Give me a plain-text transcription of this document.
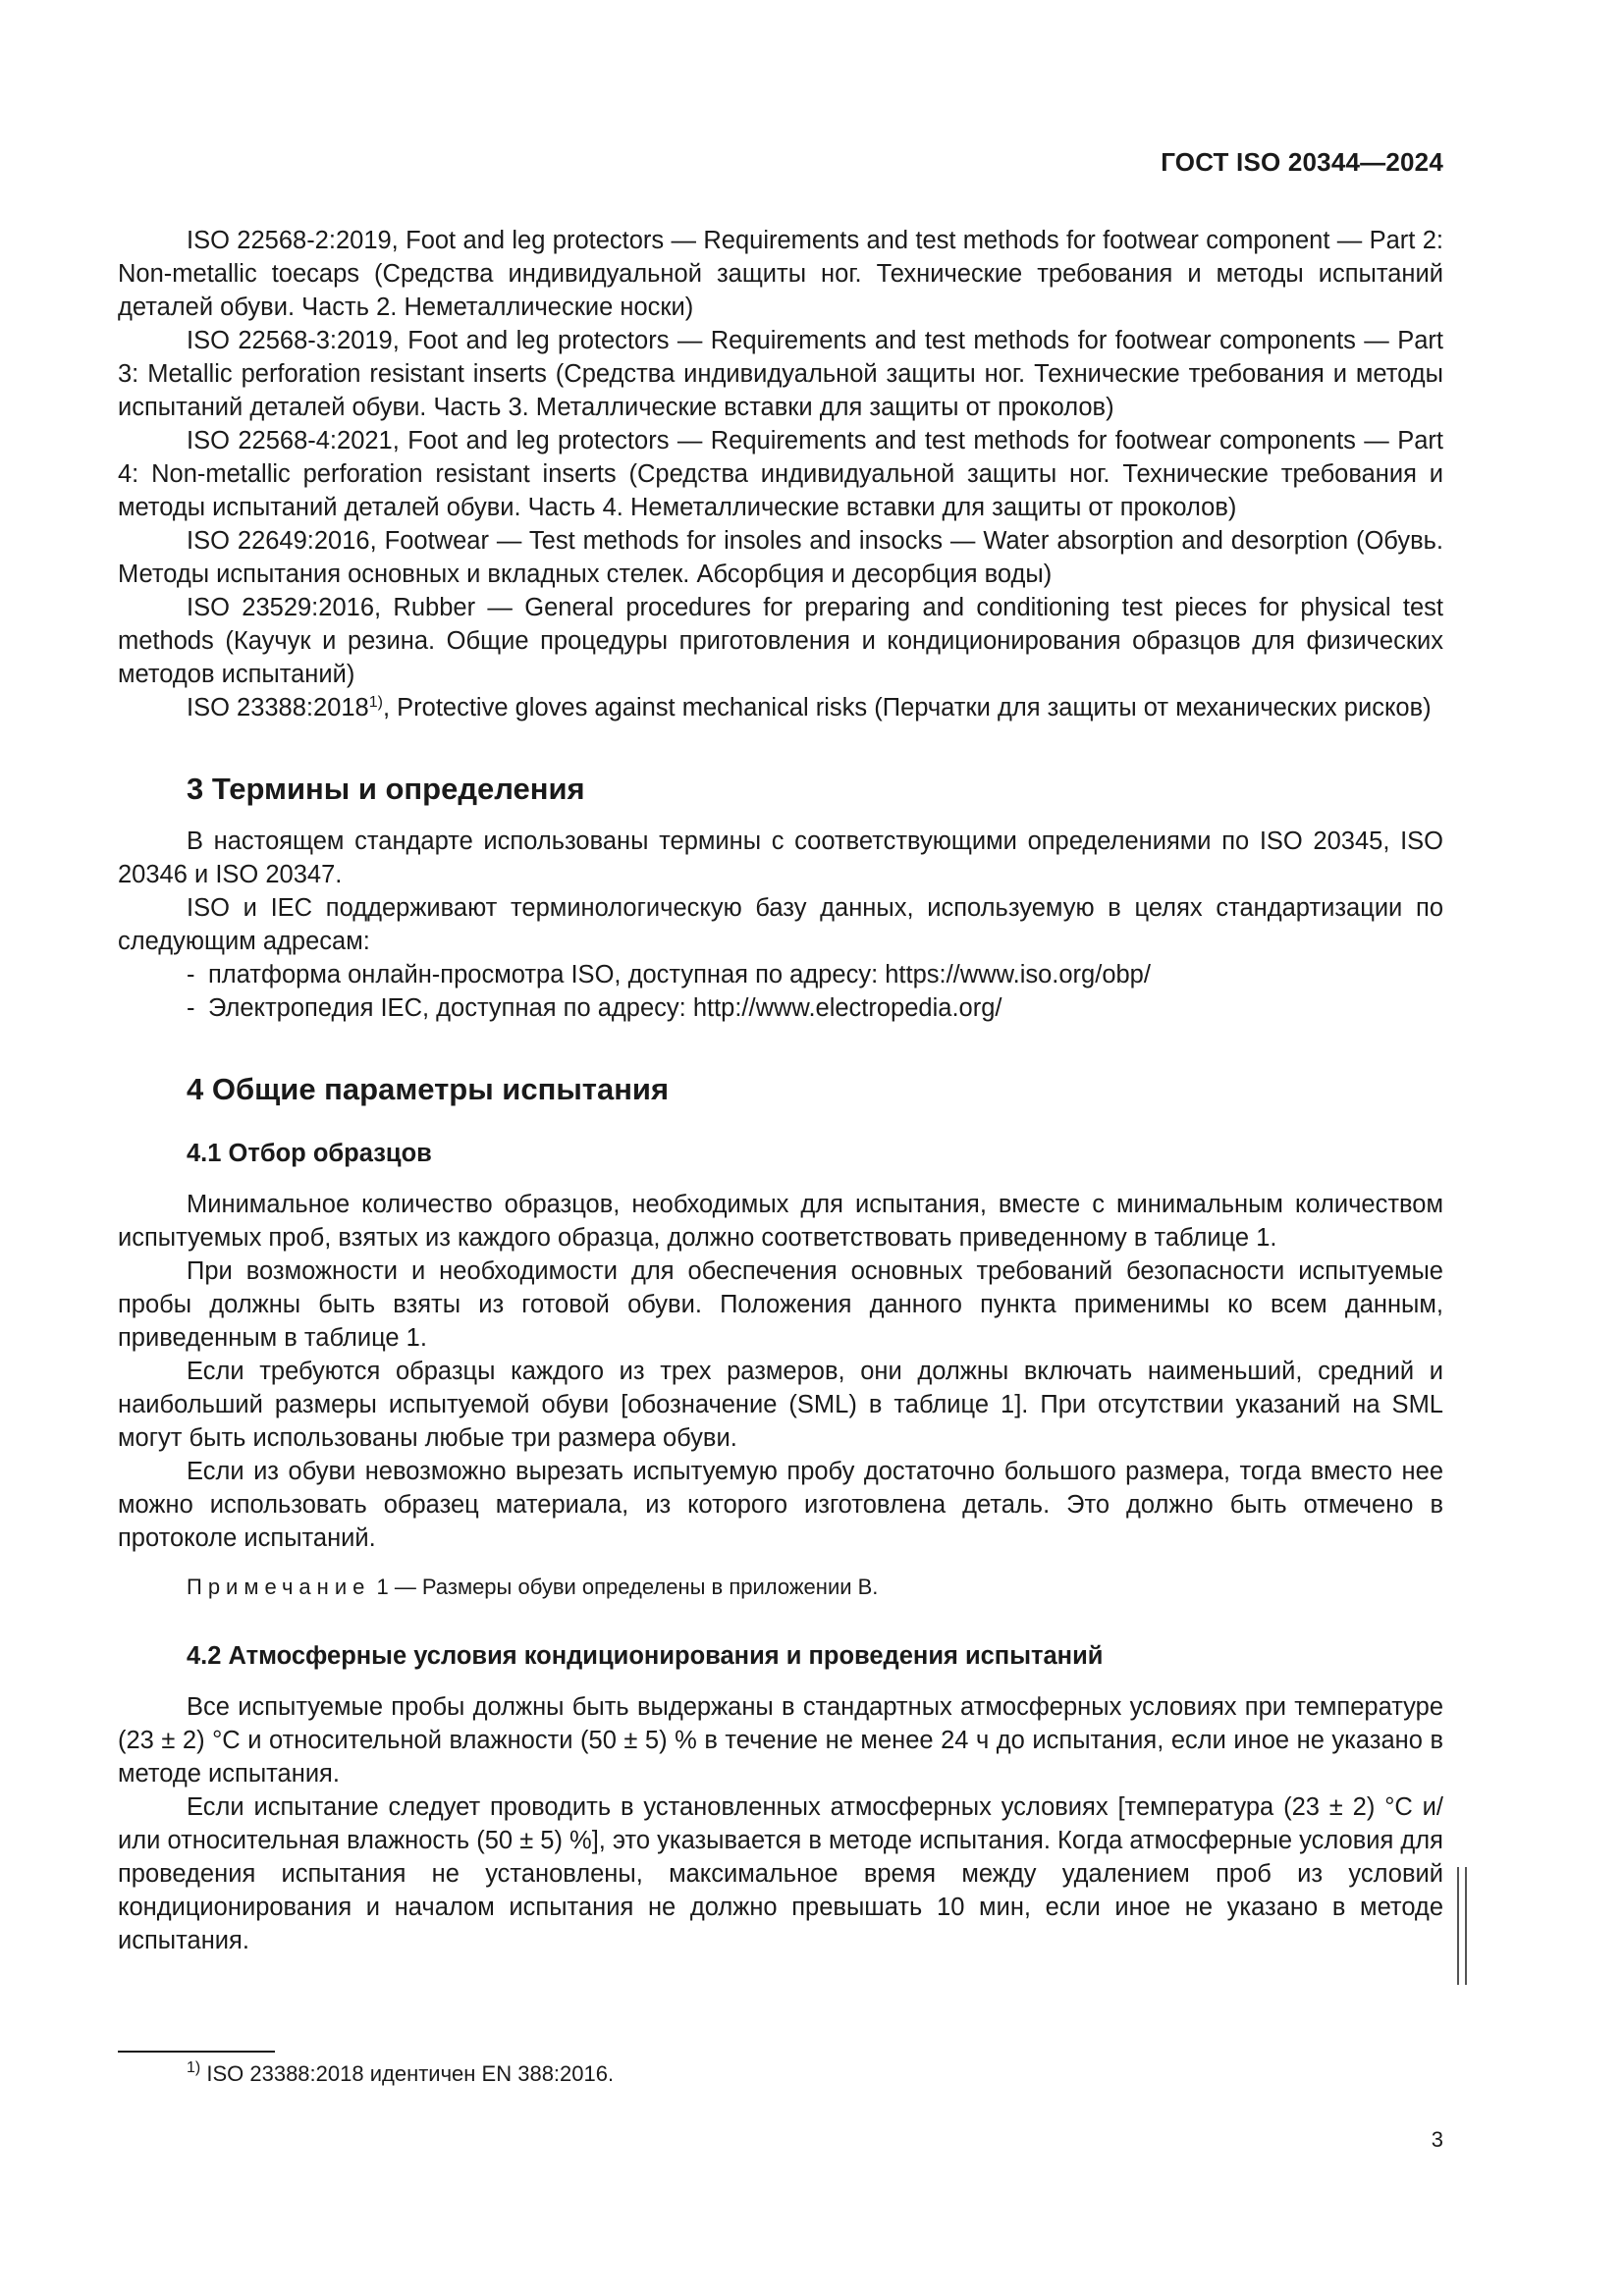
ГОСТ ISO 20344—2024

ISO 22568-2:2019, Foot and leg protectors — Requirements and test methods for footwear component — Part 2: Non-metallic toecaps (Средства индивидуальной защиты ног. Технические требования и методы испытаний деталей обуви. Часть 2. Неметаллические носки)

ISO 22568-3:2019, Foot and leg protectors — Requirements and test methods for footwear components — Part 3: Metallic perforation resistant inserts (Средства индивидуальной защиты ног. Технические требования и методы испытаний деталей обуви. Часть 3. Металлические вставки для защиты от проколов)

ISO 22568-4:2021, Foot and leg protectors — Requirements and test methods for footwear components — Part 4: Non-metallic perforation resistant inserts (Средства индивидуальной защиты ног. Технические требования и методы испытаний деталей обуви. Часть 4. Неметаллические вставки для защиты от проколов)

ISO 22649:2016, Footwear — Test methods for insoles and insocks — Water absorption and desorption (Обувь. Методы испытания основных и вкладных стелек. Абсорбция и десорбция воды)

ISO 23529:2016, Rubber — General procedures for preparing and conditioning test pieces for physical test methods (Каучук и резина. Общие процедуры приготовления и кондиционирования образцов для физических методов испытаний)

ISO 23388:2018$^{1)}$, Protective gloves against mechanical risks (Перчатки для защиты от механических рисков)

3 Термины и определения

В настоящем стандарте использованы термины с соответствующими определениями по ISO 20345, ISO 20346 и ISO 20347.

ISO и IEC поддерживают терминологическую базу данных, используемую в целях стандартизации по следующим адресам:

- платформа онлайн-просмотра ISO, доступная по адресу: https://www.iso.org/obp/
- Электропедия IEC, доступная по адресу: http://www.electropedia.org/
4 Общие параметры испытания
4.1 Отбор образцов

Минимальное количество образцов, необходимых для испытания, вместе с минимальным количеством испытуемых проб, взятых из каждого образца, должно соответствовать приведенному в таблице 1.

При возможности и необходимости для обеспечения основных требований безопасности испытуемые пробы должны быть взяты из готовой обуви. Положения данного пункта применимы ко всем данным, приведенным в таблице 1.

Если требуются образцы каждого из трех размеров, они должны включать наименьший, средний и наибольший размеры испытуемой обуви [обозначение (SML) в таблице 1]. При отсутствии указаний на SML могут быть использованы любые три размера обуви.

Если из обуви невозможно вырезать испытуемую пробу достаточно большого размера, тогда вместо нее можно использовать образец материала, из которого изготовлена деталь. Это должно быть отмечено в протоколе испытаний.

Примечание 1 — Размеры обуви определены в приложении В.
4.2 Атмосферные условия кондиционирования и проведения испытаний

Все испытуемые пробы должны быть выдержаны в стандартных атмосферных условиях при температуре (23 ± 2) °С и относительной влажности (50 ± 5) % в течение не менее 24 ч до испытания, если иное не указано в методе испытания.

Если испытание следует проводить в установленных атмосферных условиях [температура (23 ± 2) °С и/или относительная влажность (50 ± 5) %], это указывается в методе испытания. Когда атмосферные условия для проведения испытания не установлены, максимальное время между удалением проб из условий кондиционирования и началом испытания не должно превышать 10 мин, если иное не указано в методе испытания.

$^{1)}$ ISO 23388:2018 идентичен EN 388:2016.
3
